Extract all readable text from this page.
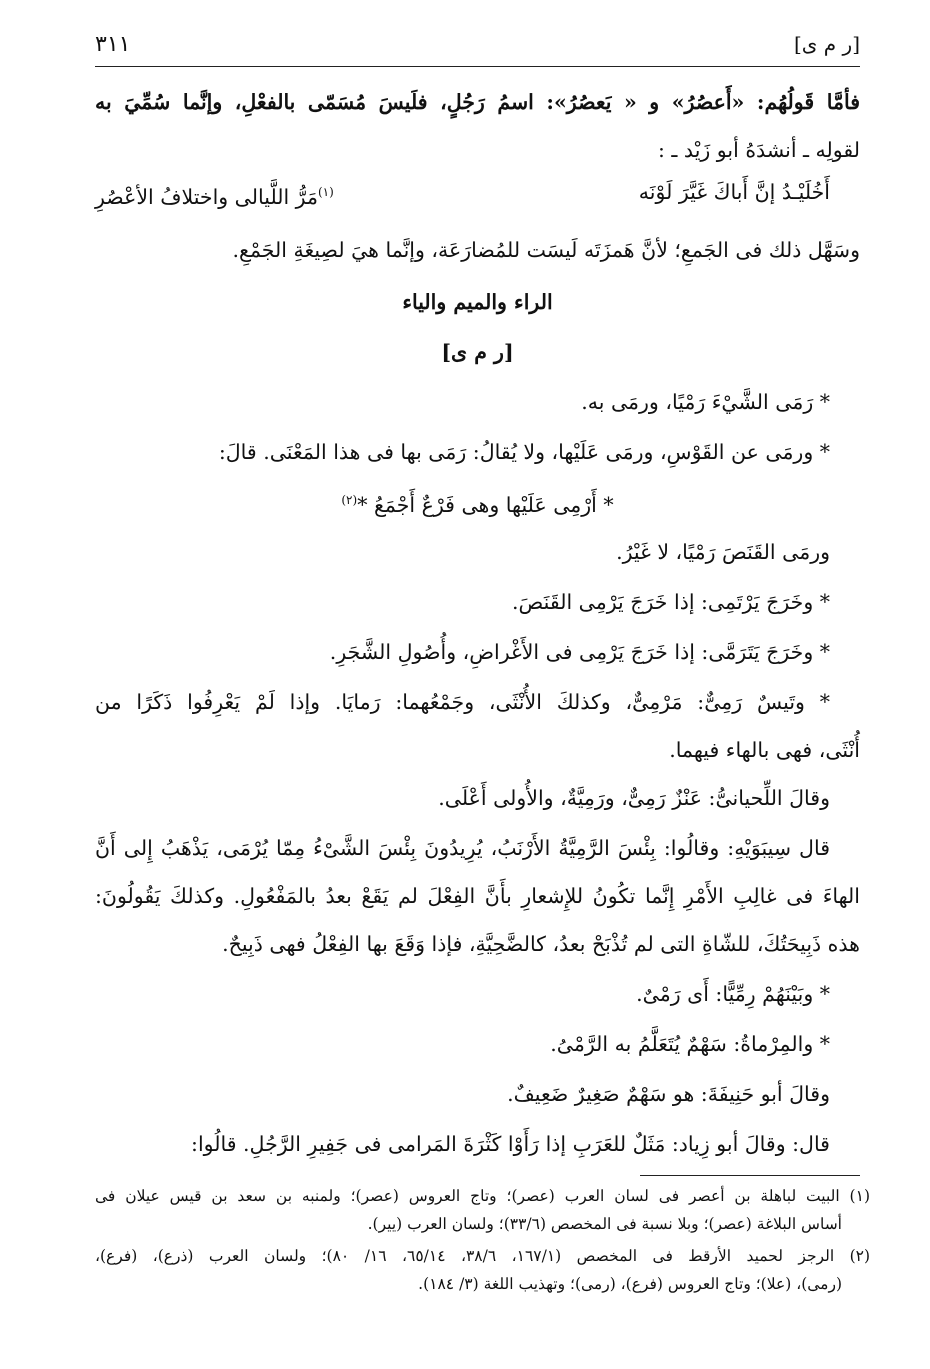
[ر م ى]
٣١١
فأمَّا قَولُهُم: «أَعصُرُ» و « يَعصُرُ»: اسمُ رَجُلٍ، فلَيسَ مُسَمّى بالفعْلِ، وإنَّما سُمِّيَ به
لقولِه ـ أنشدَهُ أبو زَيْد ـ :
أَخُلَيْـدُ إنَّ أَباكَ غَيَّرَ لَوْنَه
$^{(١)}$مَرُّ اللَّيالى واختلافُ الأعْصُرِ
وسَهَّل ذلك فى الجَمعِ؛ لأنَّ هَمزَتَه لَيسَت للمُضارَعَة، وإنَّما هيَ لصِيغَةِ الجَمْعِ.
الراء والميم والياء
[ر م ى]
* رَمَى الشَّيْءَ رَمْيًا، ورمَى به.
* ورمَى عن القَوْسِ، ورمَى عَلَيْها، ولا يُقالُ: رَمَى بها فى هذا المَعْنَى. قالَ:
* أَرْمِى عَلَيْها وهى فَرْعٌ أَجْمَعُ *$^{(٢)}$
ورمَى القَنَصَ رَمْيًا، لا غَيْرُ.
* وخَرَجَ يَرْتَمِى: إذا خَرَجَ يَرْمِى القَنَصَ.
* وخَرَجَ يَتَرَمَّى: إذا خَرَجَ يَرْمِى فى الأَغْراضِ، وأُصُولِ الشَّجَرِ.
* وتَيسٌ رَمِىٌّ: مَرْمِىٌّ، وكذلكَ الأُنْثَى، وجَمْعُهما: رَمايَا. وإذا لَمْ يَعْرِفُوا ذَكَرًا من
أُنْثَى، فهى بالهاء فيهما.
وقالَ اللِّحيانىُّ: عَنْزٌ رَمِىٌّ، ورَمِيَّةٌ، والأُولى أَعْلَى.
قال سِيبَوَيْهِ: وقالُوا: بِئْسَ الرَّمِيَّةُ الأَرْنَبُ، يُرِيدُونَ بِئْسَ الشَّىْءُ مِمّا يُرْمَى، يَذْهَبُ إِلى أَنَّ
الهاءَ فى غالِبِ الأَمْرِ إِنَّما تكُونُ للإِشعارِ بأَنَّ الفِعْلَ لم يَقَعْ بعدُ بالمَفْعُولِ. وكذلكَ يَقُولُونَ:
هذه ذَبِيحَتُكَ، للشّاةِ التى لم تُذْبَحْ بعدُ، كالضَّحِيَّةِ، فإذا وَقَعَ بها الفِعْلُ فهى ذَبِيحٌ.
* وبَيْنَهُمْ رِمِّيًّا: أَى رَمْىٌ.
* والمِرْماةُ: سَهْمٌ يُتَعَلَّمُ به الرَّمْىُ.
وقالَ أبو حَنِيفَةَ: هو سَهْمٌ صَغِيرٌ ضَعِيفٌ.
قال: وقالَ أبو زِياد: مَثَلٌ للعَرَبِ إذا رَأَوْا كَثْرَةَ المَرامى فى جَفِيرِ الرَّجُلِ. قالُوا:
(١) البيت لباهلة بن أعصر فى لسان العرب (عصر)؛ وتاج العروس (عصر)؛ ولمنبه بن سعد بن قيس عيلان فى
أساس البلاغة (عصر)؛ وبلا نسبة فى المخصص (٣٣/٦)؛ ولسان العرب (يير).
(٢) الرجز لحميد الأرقط فى المخصص (١٦٧/١، ٣٨/٦، ٦٥/١٤، ١٦/ ٨٠)؛ ولسان العرب (ذرع)، (فرع)،
(رمى)، (علا)؛ وتاج العروس (فرع)، (رمى)؛ وتهذيب اللغة (٣/ ١٨٤).
